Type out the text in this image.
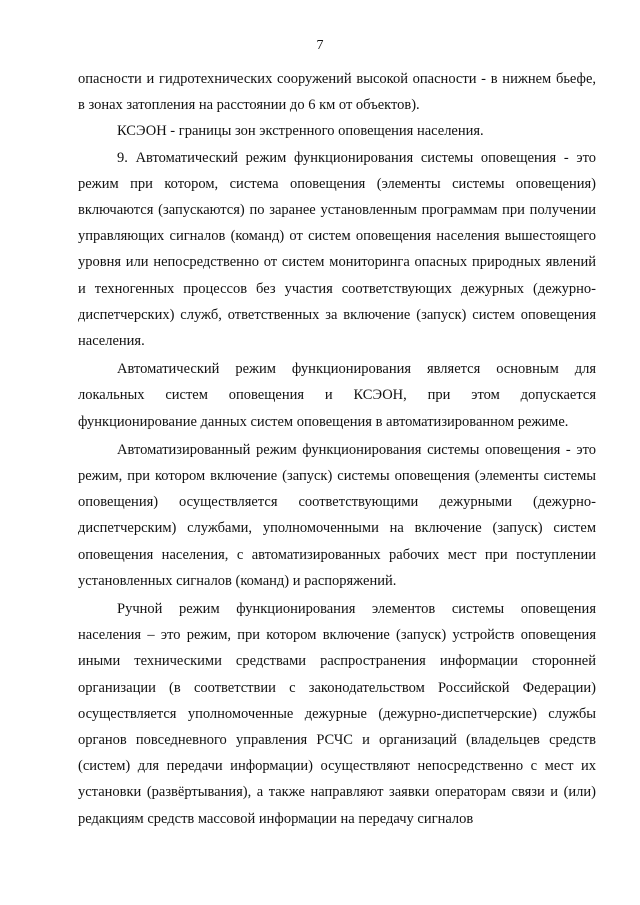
7

опасности и гидротехнических сооружений высокой опасности - в нижнем бьефе, в зонах затопления на расстоянии до 6 км от объектов).

КСЭОН - границы зон экстренного оповещения населения.

9. Автоматический режим функционирования системы оповещения - это режим при котором, система оповещения (элементы системы оповещения) включаются (запускаются) по заранее установленным программам при получении управляющих сигналов (команд) от систем оповещения населения вышестоящего уровня или непосредственно от систем мониторинга опасных природных явлений и техногенных процессов без участия соответствующих дежурных (дежурно-диспетчерских) служб, ответственных за включение (запуск) систем оповещения населения.

Автоматический режим функционирования является основным для локальных систем оповещения и КСЭОН, при этом допускается функционирование данных систем оповещения в автоматизированном режиме.

Автоматизированный режим функционирования системы оповещения - это режим, при котором включение (запуск) системы оповещения (элементы системы оповещения) осуществляется соответствующими дежурными (дежурно-диспетчерским) службами, уполномоченными на включение (запуск) систем оповещения населения, с автоматизированных рабочих мест при поступлении установленных сигналов (команд) и распоряжений.

Ручной режим функционирования элементов системы оповещения населения – это режим, при котором включение (запуск) устройств оповещения иными техническими средствами распространения информации сторонней организации (в соответствии с законодательством Российской Федерации) осуществляется уполномоченные дежурные (дежурно-диспетчерские) службы органов повседневного управления РСЧС и организаций (владельцев средств (систем) для передачи информации) осуществляют непосредственно с мест их установки (развёртывания), а также направляют заявки операторам связи и (или) редакциям средств массовой информации на передачу сигналов
